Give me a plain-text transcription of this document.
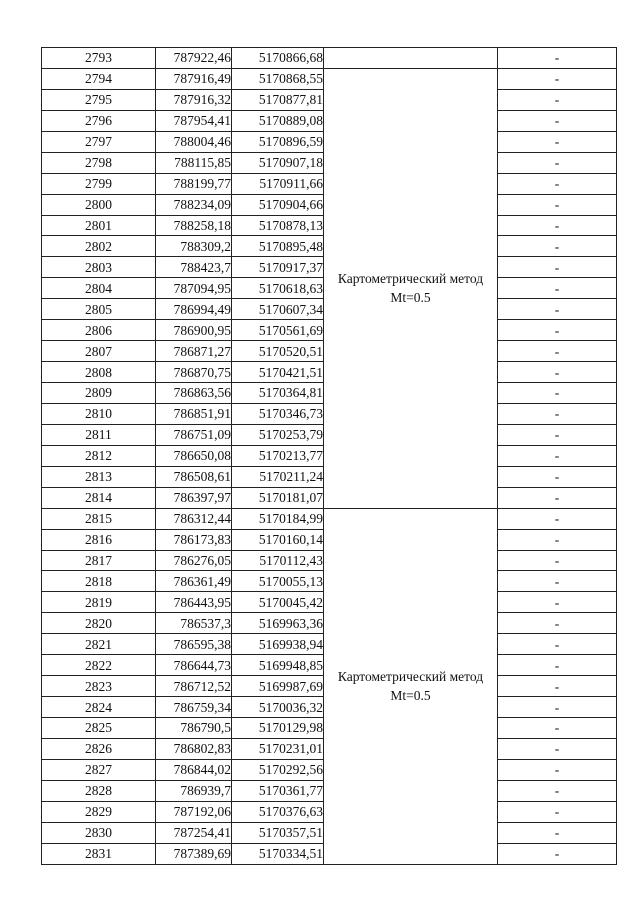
2793	787922,46	5170866,68		-
2794	787916,49	5170868,55	Картометрический метод
Mt=0.5	-
2795	787916,32	5170877,81		-
2796	787954,41	5170889,08		-
2797	788004,46	5170896,59		-
2798	788115,85	5170907,18		-
2799	788199,77	5170911,66		-
2800	788234,09	5170904,66		-
2801	788258,18	5170878,13		-
2802	788309,2	5170895,48		-
2803	788423,7	5170917,37		-
2804	787094,95	5170618,63		-
2805	786994,49	5170607,34		-
2806	786900,95	5170561,69		-
2807	786871,27	5170520,51		-
2808	786870,75	5170421,51		-
2809	786863,56	5170364,81		-
2810	786851,91	5170346,73		-
2811	786751,09	5170253,79		-
2812	786650,08	5170213,77		-
2813	786508,61	5170211,24		-
2814	786397,97	5170181,07		-
2815	786312,44	5170184,99	Картометрический метод
Mt=0.5	-
2816	786173,83	5170160,14		-
2817	786276,05	5170112,43		-
2818	786361,49	5170055,13		-
2819	786443,95	5170045,42		-
2820	786537,3	5169963,36		-
2821	786595,38	5169938,94		-
2822	786644,73	5169948,85		-
2823	786712,52	5169987,69		-
2824	786759,34	5170036,32		-
2825	786790,5	5170129,98		-
2826	786802,83	5170231,01		-
2827	786844,02	5170292,56		-
2828	786939,7	5170361,77		-
2829	787192,06	5170376,63		-
2830	787254,41	5170357,51		-
2831	787389,69	5170334,51		-
